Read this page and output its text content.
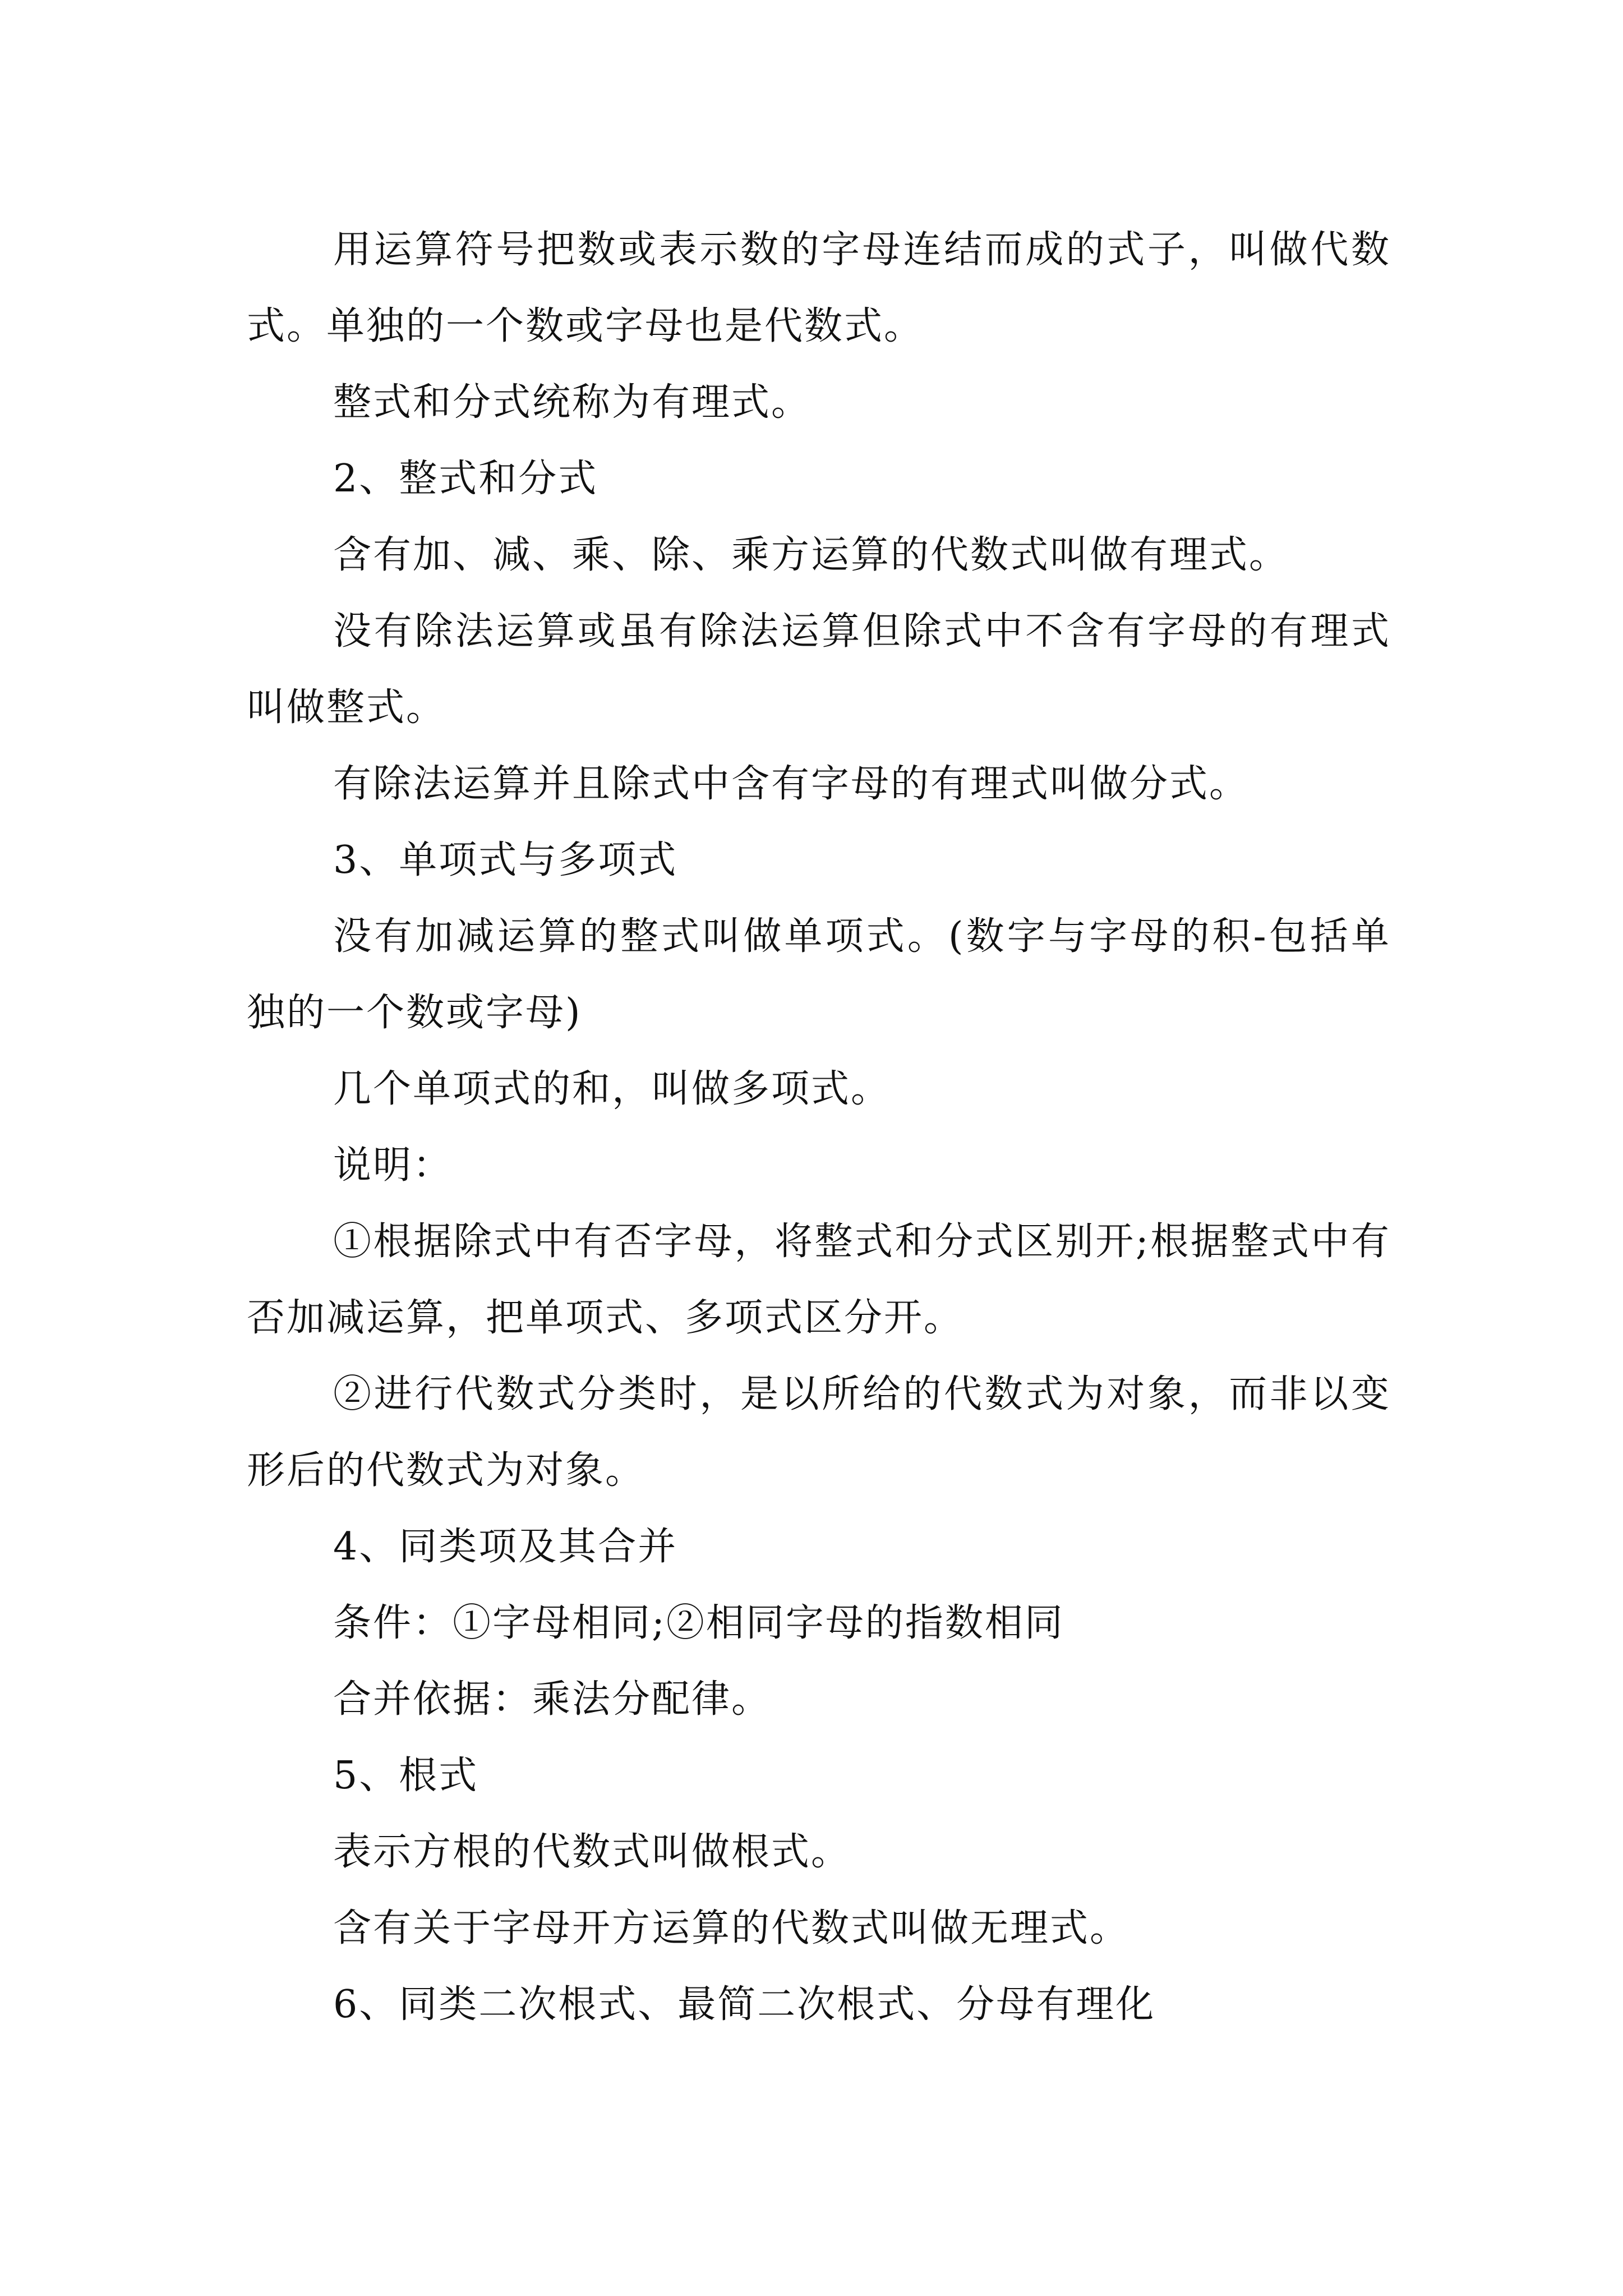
用运算符号把数或表示数的字母连结而成的式子，叫做代数式。单独的一个数或字母也是代数式。

整式和分式统称为有理式。

2、整式和分式

含有加、减、乘、除、乘方运算的代数式叫做有理式。

没有除法运算或虽有除法运算但除式中不含有字母的有理式叫做整式。

有除法运算并且除式中含有字母的有理式叫做分式。

3、单项式与多项式

没有加减运算的整式叫做单项式。(数字与字母的积-包括单独的一个数或字母)

几个单项式的和，叫做多项式。

说明：

①根据除式中有否字母，将整式和分式区别开;根据整式中有否加减运算，把单项式、多项式区分开。

②进行代数式分类时，是以所给的代数式为对象，而非以变形后的代数式为对象。

4、同类项及其合并

条件：①字母相同;②相同字母的指数相同

合并依据：乘法分配律。

5、根式

表示方根的代数式叫做根式。

含有关于字母开方运算的代数式叫做无理式。

6、同类二次根式、最简二次根式、分母有理化
